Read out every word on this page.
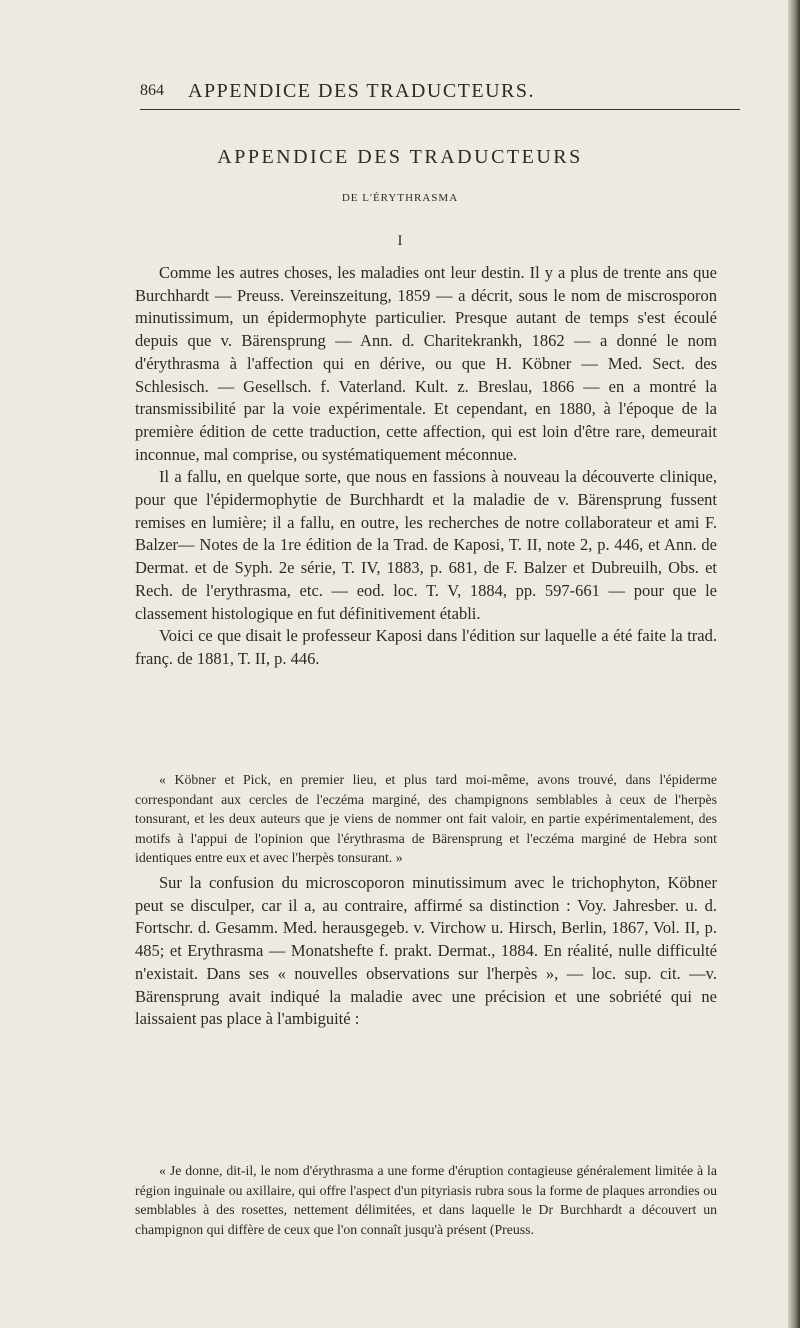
864 APPENDICE DES TRADUCTEURS.
APPENDICE DES TRADUCTEURS
DE L'ÉRYTHRASMA
I

Comme les autres choses, les maladies ont leur destin. Il y a plus de trente ans que Burchhardt — Preuss. Vereinszeitung, 1859 — a décrit, sous le nom de miscrosporon minutissimum, un épidermophyte particulier. Presque autant de temps s'est écoulé depuis que v. Bärensprung — Ann. d. Charitekrankh, 1862 — a donné le nom d'érythrasma à l'affection qui en dérive, ou que H. Köbner — Med. Sect. des Schlesisch. — Gesellsch. f. Vaterland. Kult. z. Breslau, 1866 — en a montré la transmissibilité par la voie expérimentale. Et cependant, en 1880, à l'époque de la première édition de cette traduction, cette affection, qui est loin d'être rare, demeurait inconnue, mal comprise, ou systématiquement méconnue.

Il a fallu, en quelque sorte, que nous en fassions à nouveau la découverte clinique, pour que l'épidermophytie de Burchhardt et la maladie de v. Bärensprung fussent remises en lumière; il a fallu, en outre, les recherches de notre collaborateur et ami F. Balzer— Notes de la 1re édition de la Trad. de Kaposi, T. II, note 2, p. 446, et Ann. de Dermat. et de Syph. 2e série, T. IV, 1883, p. 681, de F. Balzer et Dubreuilh, Obs. et Rech. de l'erythrasma, etc. — eod. loc. T. V, 1884, pp. 597-661 — pour que le classement histologique en fut définitivement établi.

Voici ce que disait le professeur Kaposi dans l'édition sur laquelle a été faite la trad. franç. de 1881, T. II, p. 446.

« Köbner et Pick, en premier lieu, et plus tard moi-même, avons trouvé, dans l'épiderme correspondant aux cercles de l'eczéma marginé, des champignons semblables à ceux de l'herpès tonsurant, et les deux auteurs que je viens de nommer ont fait valoir, en partie expérimentalement, des motifs à l'appui de l'opinion que l'érythrasma de Bärensprung et l'eczéma marginé de Hebra sont identiques entre eux et avec l'herpès tonsurant. »

Sur la confusion du microscoporon minutissimum avec le trichophyton, Köbner peut se disculper, car il a, au contraire, affirmé sa distinction : Voy. Jahresber. u. d. Fortschr. d. Gesamm. Med. herausgegeb. v. Virchow u. Hirsch, Berlin, 1867, Vol. II, p. 485; et Erythrasma — Monatshefte f. prakt. Dermat., 1884. En réalité, nulle difficulté n'existait. Dans ses « nouvelles observations sur l'herpès », — loc. sup. cit. —v. Bärensprung avait indiqué la maladie avec une précision et une sobriété qui ne laissaient pas place à l'ambiguité :

« Je donne, dit-il, le nom d'érythrasma a une forme d'éruption contagieuse généralement limitée à la région inguinale ou axillaire, qui offre l'aspect d'un pityriasis rubra sous la forme de plaques arrondies ou semblables à des rosettes, nettement délimitées, et dans laquelle le Dr Burchhardt a découvert un champignon qui diffère de ceux que l'on connaît jusqu'à présent (Preuss.
